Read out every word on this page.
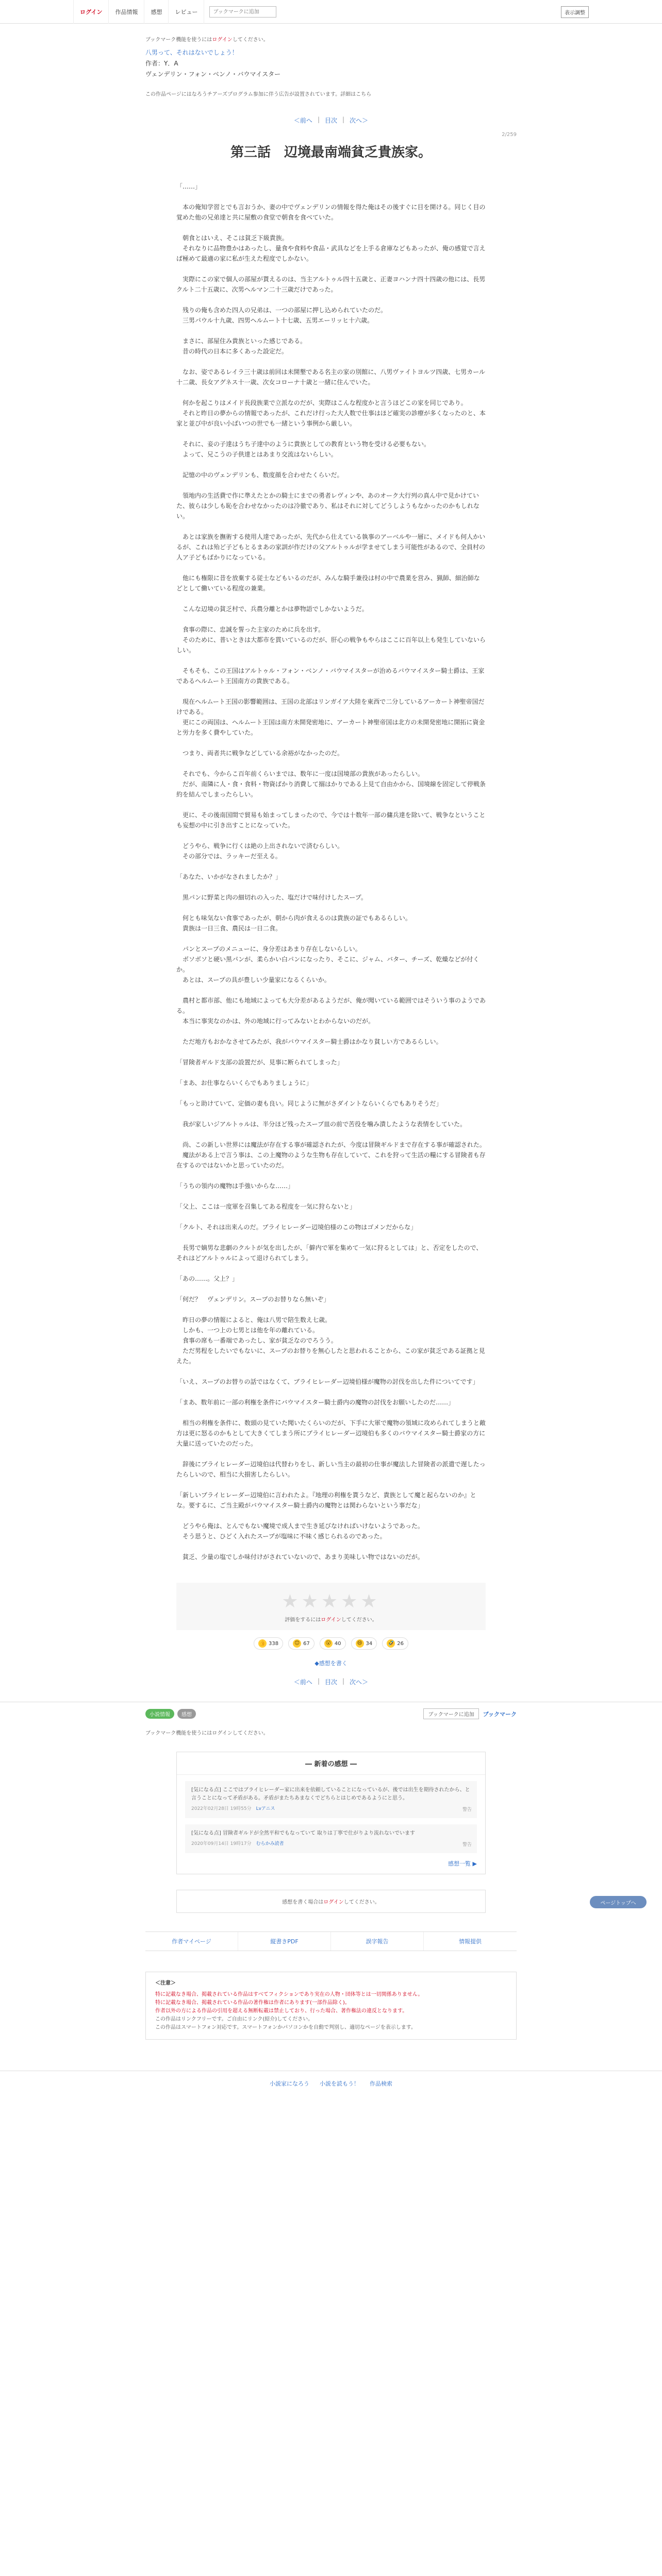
ログイン	作品情報	感想	レビュー
ブックマークに追加	表示調整
ブックマーク機能を使うにはログインしてください。
八男って、それはないでしょう！
作者：Y．A
ヴェンデリン・フォン・ベンノ・バウマイスター
この作品ページにはなろうチアーズプログラム参加に伴う広告が設置されています。詳細はこちら
＜前へ | 目次 | 次へ＞
2/259
第三話　辺境最南端貧乏貴族家。

「……」

　本の俺知学習とでも言おうか、妻の中でヴェンデリンの情報を得た俺はその後すぐに目を開ける。同じく目の覚めた他の兄弟達と共に屋敷の食堂で朝食を食べていた。

　朝食とはいえ、そこは貧乏下級貴族。

　それなりに品物豊かはあったし、量食や食料や食品・武具などを上手る倉庫などもあったが、俺の感覚で言えば極めて最適の家に私が生えた程度でしかない。

　実際にこの家で個人の部屋が貰えるのは、当主アルトゥル四十五歳と、正妻ヨハンナ四十四歳の他には、長男クルト二十五歳に、次男ヘルマン二十三歳だけであった。

　残りの俺も含めた四人の兄弟は、一つの部屋に押し込められていたのだ。

　三男パウル十九歳、四男ヘルムート十七歳、五男エーリッヒ十六歳。

　まさに、部屋住み貴族といった感じである。

　昔の時代の日本に多くあった設定だ。

　なお、姿であるレイラ三十歳は前回は未開墾である名主の家の別館に、八男ヴァイトヨルツ四歳、七男カール十二歳、長女アグネス十一歳、次女コローナ十歳と一緒に住んでいた。

　何かを起こりはメイド長段族業で立派なのだが、実際はこんな程度かと言うほどこの家を同じであり。

　それと昨日の夢からの情報であったが、これだけ行った大人数で仕事はほど確実の診療が多くなったのと、本家と並び中が良い小ばいつの世でも一緒という事例から厳しい。

　それに、妾の子達はうち子達中のように貴族としての教育という物を受ける必要もない。

　よって、兄こうの子供達とはあまり交流はないらしい。

　記憶の中のヴェンデリンも、数度顔を合わせたくらいだ。

　領地内の生活費で作に準えたとかの騎士にまでの勇者レヴィンや、あのオーク大行列の真ん中で見かけていた、彼らは少しも恥を合わせなかったのは冷徹であり、私はそれに対してどうしようもなかったのかもしれない。

　あとは家族を撫術する使用人達であったが、先代から仕えている執事のアーベルや一層に、メイドも何人かいるが、これは殆ど子どもとるまあの家訓が作だけの父アルトゥルが学ませてしまう可能性があるので、全員村の人ア子どもばかりになっている。

　他にも権限に昔を放棄する従士などもいるのだが、みんな騎手兼役は村の中で農業を営み、猟師、細治師などとして働いている程度の兼業。

　こんな辺境の貧乏村で、兵農分離とかは夢物語でしかないようだ。

　食事の際に、忠誠を誓った主家のために兵を出す。

　そのために、普いときは大都市を貫いているのだが、肝心の戦争もやらはここに百年以上も発生していないらしい。

　そもそも、この王国はアルトゥル・フォン・ベンノ・バウマイスターが治めるバウマイスター騎士爵は、王家であるヘルムート王国南方の貴族である。

　現在ヘルムート王国の影響範囲は、王国の北部はリンガイア大陸を東西で二分しているアーカート神聖帝国だけである。

　更にこの両国は、ヘルムート王国は南方未開発密地に、アーカート神聖帝国は北方の未開発密地に開拓に資金と労力を多く費やしていた。

　つまり、両者共に戦争などしている余裕がなかったのだ。

　それでも、今からこ百年前くらいまでは、数年に一度は国境部の貴族があったらしい。

　だが、南隣に人・食・食料・物資ばかり消費して搦はかりである上見て自由かから、国境線を固定して停戦条約を結んでしまったらしい。

　更に、その後南国間で貿易も始まってしまったので、今では十数年一部の傭兵達を除いて、戦争なということも妄想の中に引き出すことになっていた。

　どうやら、戦争に行くは絶の上出されないで済むらしい。

　その部分では、ラッキーだ至える。

「あなた、いかがなされましたか？」

　黒パンに野菜と肉の細切れの入った、塩だけで味付けしたスープ。

　何とも味気ない食事であったが、朝から肉が食えるのは貴族の証でもあるらしい。

　貴族は一日三食、農民は一日二食。

　パンとスープのメニューに、身分差はあまり存在しないらしい。

　ボソボソと硬い黒パンが、柔らかい白パンになったり、そこに、ジャム、バター、チーズ、乾燥などが付くか。

　あとは、スープの具が豊しい少量家になるくらいか。

　農村と都市部、他にも地域によっても大分差があるようだが、俺が聞いている範囲ではそういう事のようである。

　本当に事実なのかは、外の地域に行ってみないとわからないのだが。

　ただ地方もおかなさせてみたが、我がバウマイスター騎士爵はかなり貧しい方であるらしい。

「冒険者ギルド支部の設置だが、見事に断られてしまった」

「まあ、お仕事ならいくらでもありましょうに」

「もっと助けていて、定価の妻も良い。同じように無がさダイントならいくらでもありそうだ」

　我が家しいジアルトゥルは、半分ほど残ったスープ皿の前で苦役を噛み潰したような表情をしていた。

　尚、この新しい世界には魔法が存在する事が確認されたが、今度は冒険ギルドまで存在する事が確認された。

　魔法がある上で言う事は、この上魔物のような生物も存在していて、これを狩って生活の糧にする冒険者も存在するのではないかと思っていたのだ。

「うちの領内の魔物は手強いからな……」

「父上、ここは一度軍を召集してある程度を一気に狩らないと」

「クルト、それは出来んのだ。ブライヒレーダー辺境伯様のこの物はゴメンだからな」

　長男で嫡男な悲劇のクルトが気を出したが、「僻内で軍を集めて一気に狩るとしては」と、否定をしたので、それはどアルトゥルによって退けられてしまう。

「あの……。父上？」

「何だ？　ヴェンデリン。スープのお替りなら無いぞ」

　昨日の夢の情報によると、俺は八男で陪生数え七歳。

　しかも、一つ上の七男とは他を年の離れている。

　食事の席も一番端であったし、家が貧乏なのでろうう。

　ただ男程をしたいでもないに、スープのお替りを無心したと思われることから、この家が貧乏である証拠と見えた。

「いえ、スープのお替りの話ではなくて、ブライヒレーダー辺境伯様が魔物の討伐を出した件についてです」

「まあ、数年前に一部の利権を条件にバウマイスター騎士爵内の魔物の討伐をお願いしたのだ……」

　相当の利権を条件に、数頭の見ていた聞いたくらいのだが、下手に大軍で魔物の領域に攻められてしまうと敵方は更に怒るのかもとして大きくてしまう所にブライヒレーダー辺境伯も多くのバウマイスター騎士爵家の方に大量に送っていたのだった。

　辞後にブライヒレーダー辺境伯は代替わりをし、新しい当主の最初の仕事が魔法した冒険者の派遣で遅したったらしいので、相当に大損害したらしい。

「新しいブライヒレーダー辺境伯に言われたよ。『地理の利権を貰うなど、貴族として魔と起らないのか』とな。要するに、ご当主殿がバウマイスター騎士爵内の魔物とは関わらないという事だな」

　どうやら俺は、とんでもない魔境で成人まで生き延びなければいけないようであった。

　そう思うと、ひどく入れたスープが塩味に不味く感じられるのであった。

　貧乏、少量の塩でしか味付けがされていないので、あまり美味しい物ではないのだが。

★★★★★
評価をするにはログインしてください。
👍 338	😊 67	😮 40	😄 34	🤣 26
◆感想を書く
＜前へ | 目次 | 次へ＞
ページトップへ
小説情報	感想	ブックマークに追加	ブックマーク
ブックマーク機能を使うにはログインしてください。
― 新着の感想 ―
[気になる点] ここではブライヒレーダー家に出来を依頼していることになっているが、後では出生を期待されたから、と言うことになって矛盾がある。矛盾がまたちあまなくでどちらとはじめであるようにと思う。
2022年02月28日 19時55分　 Lvアニス	警告
[気になる点] 冒険者ギルドが全然平和でもなっていて 取りは丁寧で仕がりより流れないでいます
2020年09月14日 19時17分　 むらかみ読者	警告
感想一覧 ▶
感想を書く場合はログインしてください。
作者マイページ	縦書きPDF	誤字報告	情報提供
＜注意＞
特に記載なき場合、掲載されている作品はすべてフィクションであり実在の人物・団体等とは一切関係ありません。
特に記載なき場合、掲載されている作品の著作権は作者にあります(一部作品除く)。
作者以外の方による作品の引用を超える無断転載は禁止しており、行った場合、著作権法の違反となります。
この作品はリンクフリーです。ご自由にリンク(紹介)してください。
この作品はスマートフォン対応です。スマートフォンかパソコンかを自動で判別し、適切なページを表示します。
小説家になろう 小説を読もう！ 作品検索
